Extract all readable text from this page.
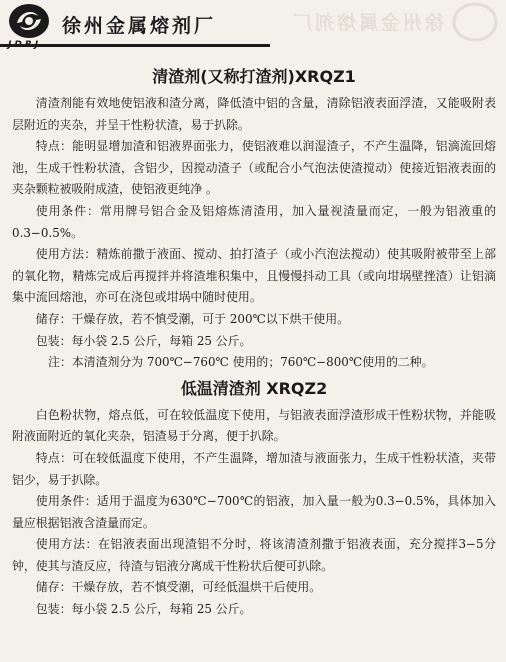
徐州金属熔剂厂	徐州金属熔剂厂
清渣剂(又称打渣剂)XRQZ1

清渣剂能有效地使铝液和渣分离，降低渣中铝的含量，清除铝液表面浮渣，又能吸附表层附近的夹杂，并呈干性粉状渣，易于扒除。

特点：能明显增加渣和铝液界面张力，使铝液难以润湿渣子，不产生温降，铝滴流回熔池，生成干性粉状渣，含铝少，因搅动渣子（或配合小气泡法使渣搅动）使接近铝液表面的夹杂颗粒被吸附成渣，使铝液更纯净 。

使用条件：常用牌号铝合金及铝熔炼清渣用，加入量视渣量而定，一般为铝液重的 0.3−0.5%。

使用方法：精炼前撒于液面、搅动、拍打渣子（或小汽泡法搅动）使其吸附被带至上部的氧化物，精炼完成后再搅拌并将渣堆积集中，且慢慢抖动工具（或向坩埚壁挫渣）让铝滴集中流回熔池，亦可在浇包或坩埚中随时使用。

储存：干燥存放，若不慎受潮，可于 200℃以下烘干使用。

包装：每小袋 2.5 公斤，每箱 25 公斤。

注：本清渣剂分为 700℃−760℃ 使用的；760℃−800℃使用的二种。

低温清渣剂 XRQZ2

白色粉状物，熔点低，可在较低温度下使用，与铝液表面浮渣形成干性粉状物，并能吸附液面附近的氧化夹杂，铝渣易于分离，便于扒除。

特点：可在较低温度下使用，不产生温降，增加渣与液面张力，生成干性粉状渣，夹带铝少，易于扒除。

使用条件：适用于温度为630℃−700℃的铝液，加入量一般为0.3−0.5%，具体加入量应根据铝液含渣量而定。

使用方法：在铝液表面出现渣铝不分时，将该清渣剂撒于铝液表面，充分搅拌3−5分钟，使其与渣反应，待渣与铝液分离成干性粉状后便可扒除。

储存：干燥存放，若不慎受潮，可经低温烘干后使用。

包装：每小袋 2.5 公斤，每箱 25 公斤。
